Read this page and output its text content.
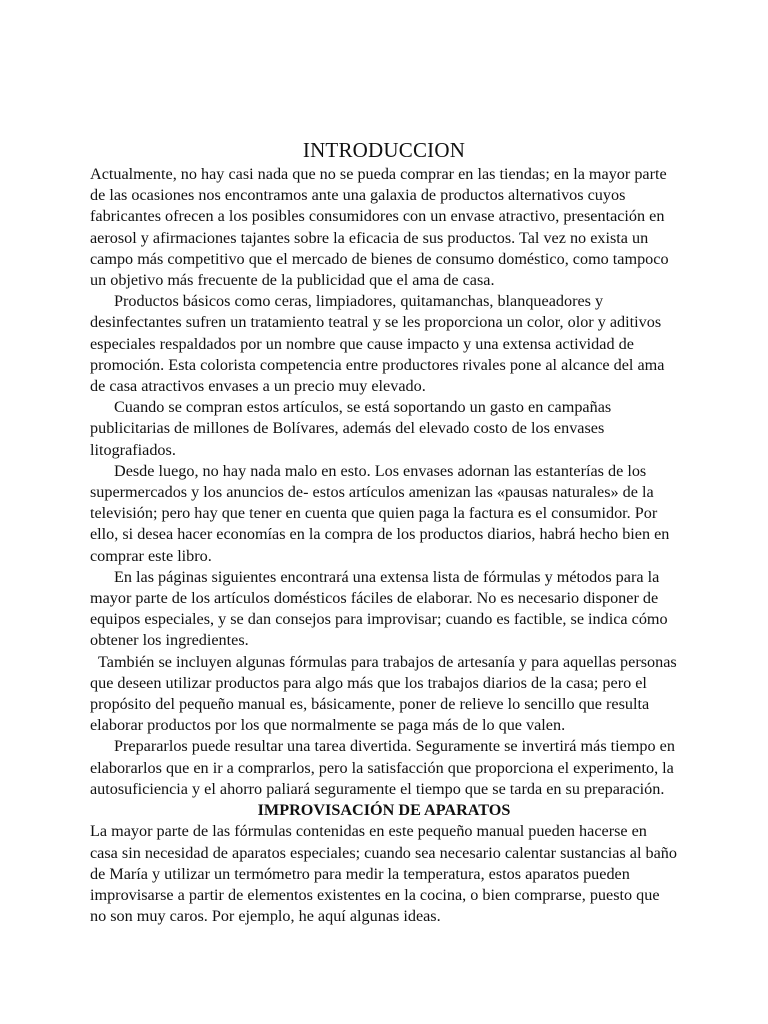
INTRODUCCION

Actualmente, no hay casi nada que no se pueda comprar en las tiendas; en la mayor parte de las ocasiones nos encontramos ante una galaxia de productos alternativos cuyos fabricantes ofrecen a los posibles consumidores con un envase atractivo, presentación en aerosol y afirmaciones tajantes sobre la eficacia de sus productos. Tal vez no exista un campo más competitivo que el mercado de bienes de consumo doméstico, como tampoco un objetivo más frecuente de la publicidad que el ama de casa.

Productos básicos como ceras, limpiadores, quitamanchas, blanqueadores y desinfectantes sufren un tratamiento teatral y se les proporciona un color, olor y aditivos especiales respaldados por un nombre que cause impacto y una extensa actividad de promoción. Esta colorista competencia entre productores rivales pone al alcance del ama de casa atractivos envases a un precio muy elevado.

Cuando se compran estos artículos, se está soportando un gasto en campañas publicitarias de millones de Bolívares, además del elevado costo de los envases litografiados.

Desde luego, no hay nada malo en esto. Los envases adornan las estanterías de los supermercados y los anuncios de- estos artículos amenizan las «pausas naturales» de la televisión; pero hay que tener en cuenta que quien paga la factura es el consumidor. Por ello, si desea hacer economías en la compra de los productos diarios, habrá hecho bien en comprar este libro.

En las páginas siguientes encontrará una extensa lista de fórmulas y métodos para la mayor parte de los artículos domésticos fáciles de elaborar. No es necesario disponer de equipos especiales, y se dan consejos para improvisar; cuando es factible, se indica cómo obtener los ingredientes.

También se incluyen algunas fórmulas para trabajos de artesanía y para aquellas personas que deseen utilizar productos para algo más que los trabajos diarios de la casa; pero el propósito del pequeño manual es, básicamente, poner de relieve lo sencillo que resulta elaborar productos por los que normalmente se paga más de lo que valen.

Prepararlos puede resultar una tarea divertida. Seguramente se invertirá más tiempo en elaborarlos que en ir a comprarlos, pero la satisfacción que proporciona el experimento, la autosuficiencia y el ahorro paliará seguramente el tiempo que se tarda en su preparación.

IMPROVISACIÓN DE APARATOS

La mayor parte de las fórmulas contenidas en este pequeño manual pueden hacerse en casa sin necesidad de aparatos especiales; cuando sea necesario calentar sustancias al baño de María y utilizar un termómetro para medir la temperatura, estos aparatos pueden improvisarse a partir de elementos existentes en la cocina, o bien comprarse, puesto que no son muy caros. Por ejemplo, he aquí algunas ideas.
